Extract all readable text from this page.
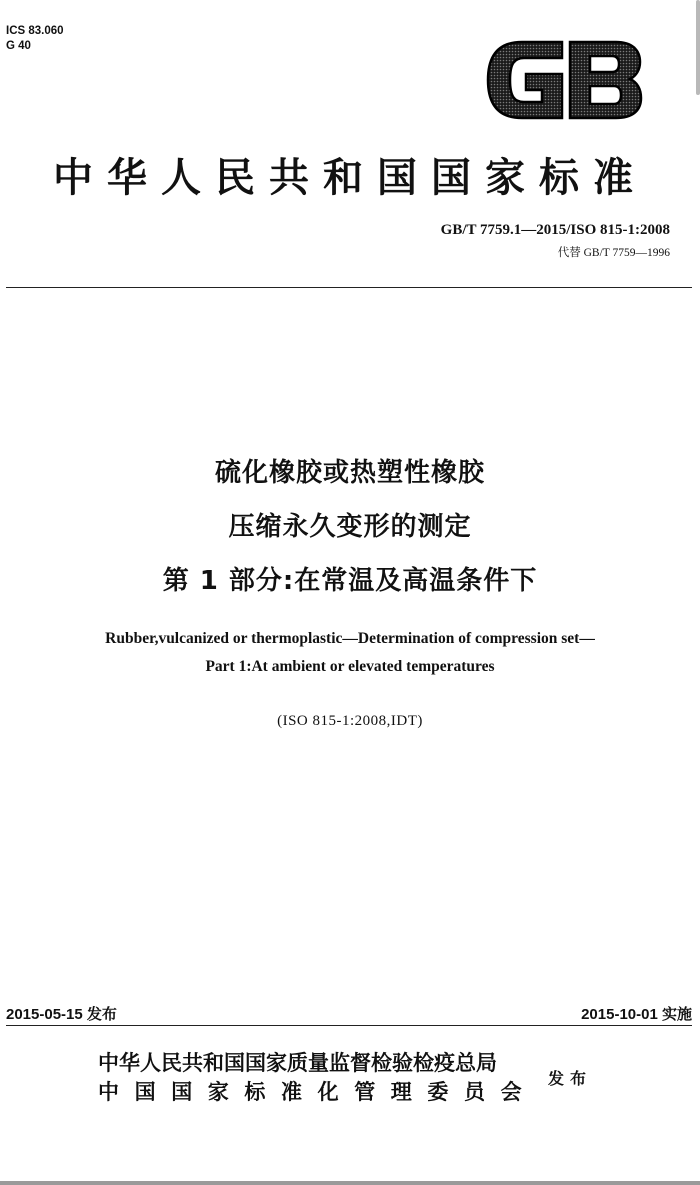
ICS 83.060
G 40
中华人民共和国国家标准
GB/T 7759.1—2015/ISO 815-1:2008
代替 GB/T 7759—1996
硫化橡胶或热塑性橡胶
压缩永久变形的测定
第 1 部分:在常温及高温条件下
Rubber,vulcanized or thermoplastic—Determination of compression set—
Part 1:At ambient or elevated temperatures
(ISO 815-1:2008,IDT)
2015-05-15 发布	2015-10-01 实施
中华人民共和国国家质量监督检验检疫总局
中国国家标准化管理委员会
发布
